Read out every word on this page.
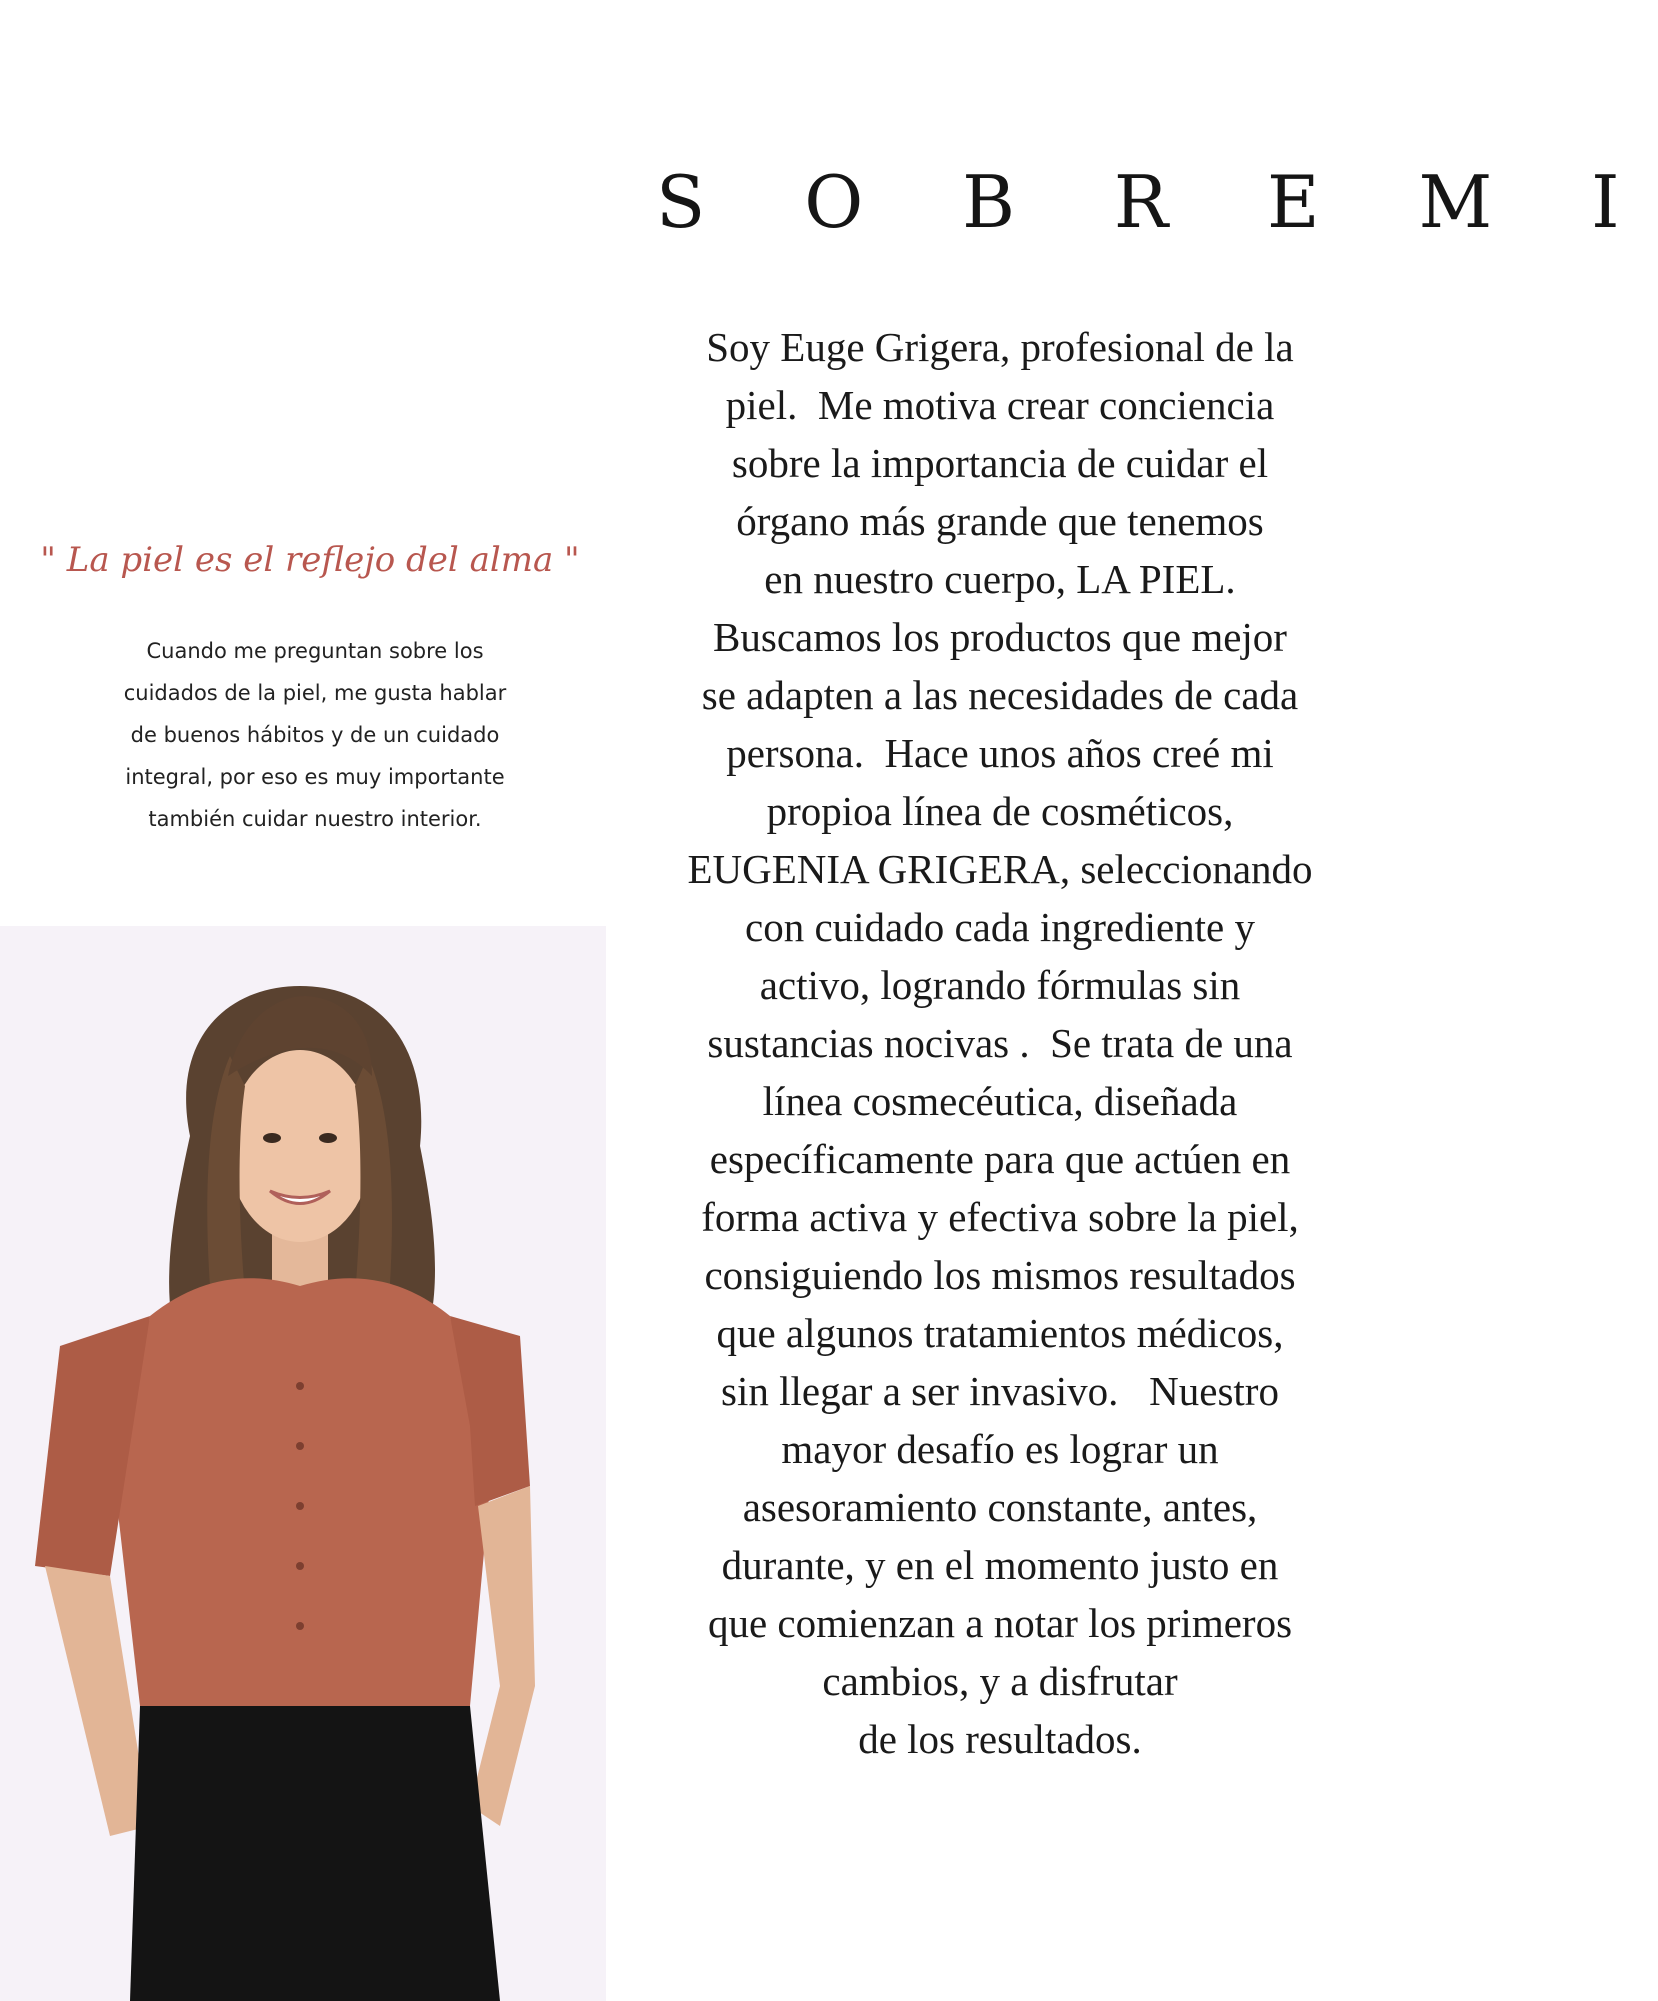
S O B R E M I
Soy Euge Grigera, profesional de la
piel.  Me motiva crear conciencia
sobre la importancia de cuidar el
órgano más grande que tenemos
en nuestro cuerpo, LA PIEL.
Buscamos los productos que mejor
se adapten a las necesidades de cada
persona.  Hace unos años creé mi
propioa línea de cosméticos,
EUGENIA GRIGERA, seleccionando
con cuidado cada ingrediente y
activo, logrando fórmulas sin
sustancias nocivas .  Se trata de una
línea cosmecéutica, diseñada
específicamente para que actúen en
forma activa y efectiva sobre la piel,
consiguiendo los mismos resultados
que algunos tratamientos médicos,
sin llegar a ser invasivo.   Nuestro
mayor desafío es lograr un
asesoramiento constante, antes,
durante, y en el momento justo en
que comienzan a notar los primeros
cambios, y a disfrutar
de los resultados.

" La piel es el reflejo del alma "

Cuando me preguntan sobre los
cuidados de la piel, me gusta hablar
de buenos hábitos y de un cuidado
integral, por eso es muy importante
también cuidar nuestro interior.
